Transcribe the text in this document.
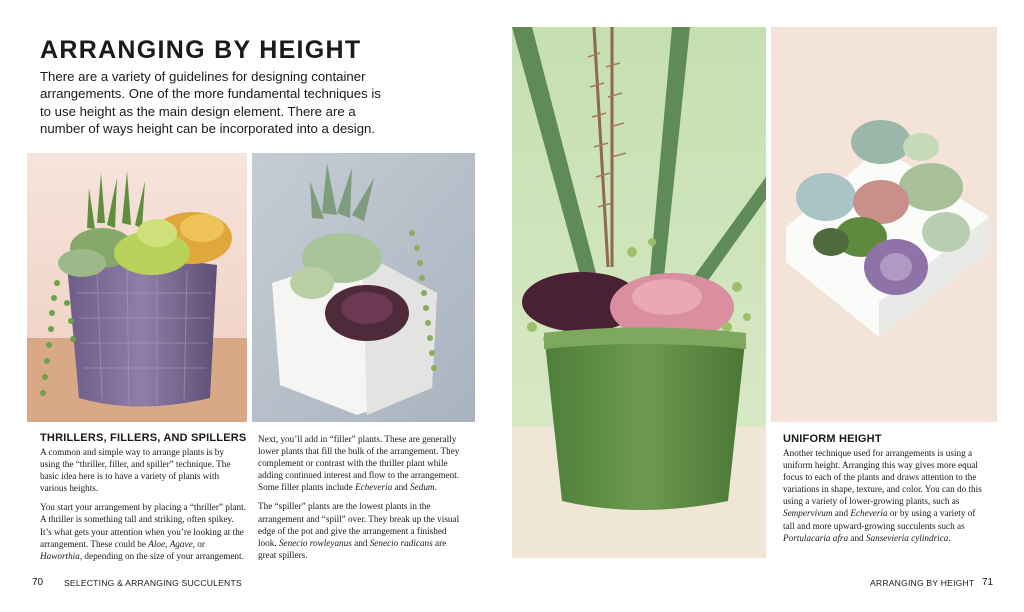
ARRANGING BY HEIGHT
There are a variety of guidelines for designing container arrangements. One of the more fundamental techniques is to use height as the main design element. There are a number of ways height can be incorporated into a design.
THRILLERS, FILLERS, AND SPILLERS

A common and simple way to arrange plants is by using the “thriller, filler, and spiller” technique. The basic idea here is to have a variety of plants with various heights.

You start your arrangement by placing a “thriller” plant. A thriller is something tall and striking, often spikey. It’s what gets your attention when you’re looking at the arrangement. These could be Aloe, Agave, or Haworthia, depending on the size of your arrangement.

Next, you’ll add in “filler” plants. These are generally lower plants that fill the bulk of the arrangement. They complement or contrast with the thriller plant while adding continued interest and flow to the arrangement. Some filler plants include Echeveria and Sedum.

The “spiller” plants are the lowest plants in the arrangement and “spill” over. They break up the visual edge of the pot and give the arrangement a finished look. Senecio rowleyanus and Senecio radicans are great spillers.

70 SELECTING & ARRANGING SUCCULENTS
UNIFORM HEIGHT

Another technique used for arrangements is using a uniform height. Arranging this way gives more equal focus to each of the plants and draws attention to the variations in shape, texture, and color. You can do this using a variety of lower-growing plants, such as Sempervivum and Echeveria or by using a variety of tall and more upward-growing succulents such as Portulacaria afra and Sansevieria cylindrica.

ARRANGING BY HEIGHT 71
